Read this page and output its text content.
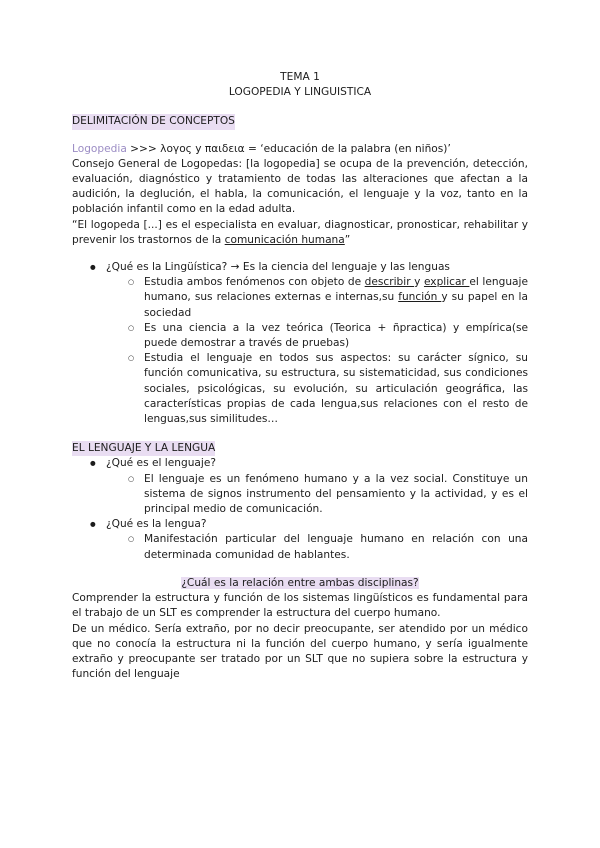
TEMA 1

LOGOPEDIA Y LINGUISTICA

DELIMITACIÓN DE CONCEPTOS

Logopedia >>> λογος y παιδεια = ‘educación de la palabra (en niños)’

Consejo General de Logopedas: [la logopedia] se ocupa de la prevención, detección, evaluación, diagnóstico y tratamiento de todas las alteraciones que afectan a la audición, la deglución, el habla, la comunicación, el lenguaje y la voz, tanto en la población infantil como en la edad adulta.

“El logopeda [...] es el especialista en evaluar, diagnosticar, pronosticar, rehabilitar y prevenir los trastornos de la comunicación humana”

● ¿Qué es la Lingüística? → Es la ciencia del lenguaje y las lenguas
○ Estudia ambos fenómenos con objeto de describir y explicar el lenguaje humano, sus relaciones externas e internas,su función y su papel en la sociedad
○ Es una ciencia a la vez teórica (Teorica + ñpractica) y empírica(se puede demostrar a través de pruebas)
○ Estudia el lenguaje en todos sus aspectos: su carácter sígnico, su función comunicativa, su estructura, su sistematicidad, sus condiciones sociales, psicológicas, su evolución, su articulación geográfica, las características propias de cada lengua,sus relaciones con el resto de lenguas,sus similitudes…
EL LENGUAJE Y LA LENGUA
● ¿Qué es el lenguaje?
○ El lenguaje es un fenómeno humano y a la vez social. Constituye un sistema de signos instrumento del pensamiento y la actividad, y es el principal medio de comunicación.
● ¿Qué es la lengua?
○ Manifestación particular del lenguaje humano en relación con una determinada comunidad de hablantes.
¿Cuál es la relación entre ambas disciplinas?

Comprender la estructura y función de los sistemas lingüísticos es fundamental para el trabajo de un SLT es comprender la estructura del cuerpo humano.

De un médico. Sería extraño, por no decir preocupante, ser atendido por un médico que no conocía la estructura ni la función del cuerpo humano, y sería igualmente extraño y preocupante ser tratado por un SLT que no supiera sobre la estructura y función del lenguaje
